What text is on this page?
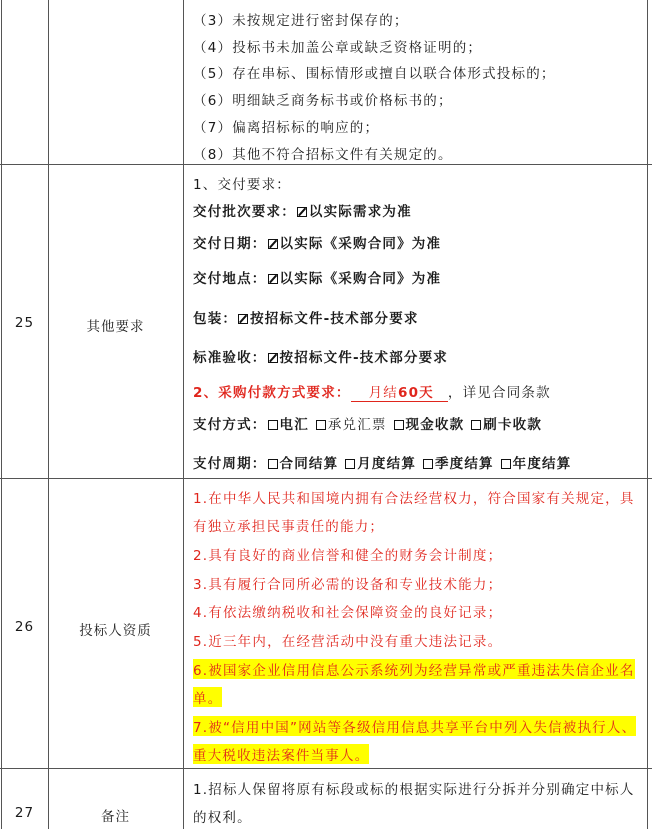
（3）未按规定进行密封保存的；
（4）投标书未加盖公章或缺乏资格证明的；
（5）存在串标、围标情形或擅自以联合体形式投标的；
（6）明细缺乏商务标书或价格标书的；
（7）偏离招标标的响应的；
（8）其他不符合招标文件有关规定的。
25	其他要求
1、交付要求：
交付批次要求： 以实际需求为准
交付日期： 以实际《采购合同》为准
交付地点： 以实际《采购合同》为准
包装： 按招标文件-技术部分要求
标准验收： 按招标文件-技术部分要求
2、采购付款方式要求： 月结60天 ，详见合同条款
支付方式： 电汇 承兑汇票 现金收款 刷卡收款
支付周期： 合同结算 月度结算 季度结算 年度结算
26	投标人资质
1.在中华人民共和国境内拥有合法经营权力，符合国家有关规定，具
有独立承担民事责任的能力；
2.具有良好的商业信誉和健全的财务会计制度；
3.具有履行合同所必需的设备和专业技术能力；
4.有依法缴纳税收和社会保障资金的良好记录；
5.近三年内，在经营活动中没有重大违法记录。
6.被国家企业信用信息公示系统列为经营异常或严重违法失信企业名
单。
7.被“信用中国”网站等各级信用信息共享平台中列入失信被执行人、
重大税收违法案件当事人。
27	备注
1.招标人保留将原有标段或标的根据实际进行分拆并分别确定中标人
的权利。
